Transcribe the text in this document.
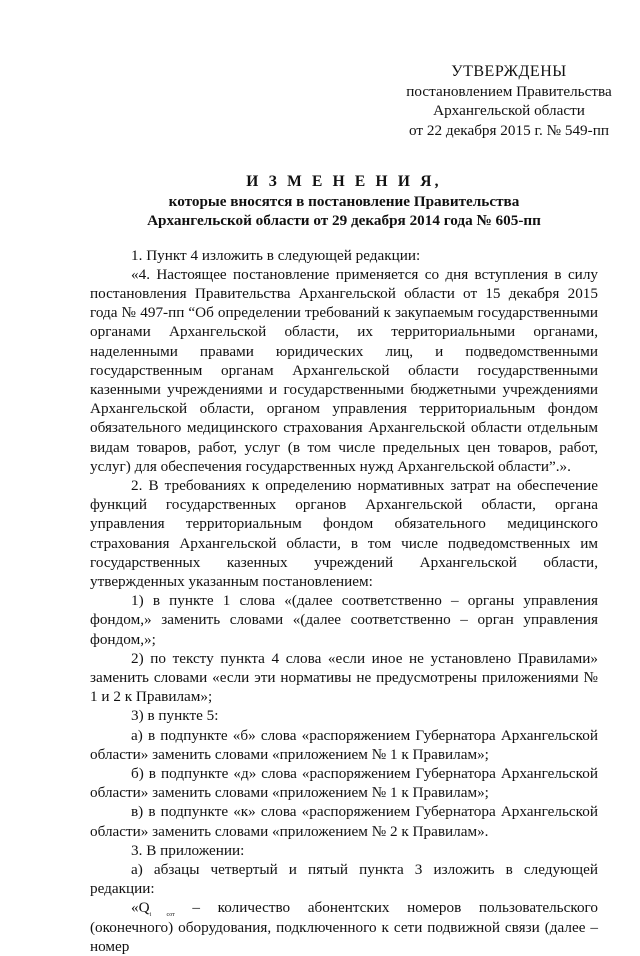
УТВЕРЖДЕНЫ
постановлением Правительства
Архангельской области
от 22 декабря 2015 г. № 549-пп
И З М Е Н Е Н И Я,
которые вносятся в постановление Правительства
Архангельской области от 29 декабря 2014 года № 605-пп

1. Пункт 4 изложить в следующей редакции:

«4. Настоящее постановление применяется со дня вступления в силу постановления Правительства Архангельской области от 15 декабря 2015 года № 497-пп “Об определении требований к закупаемым государственными органами Архангельской области, их территориальными органами, наделенными правами юридических лиц, и подведомственными государственным органам Архангельской области государственными казенными учреждениями и государственными бюджетными учреждениями Архангельской области, органом управления территориальным фондом обязательного медицинского страхования Архангельской области отдельным видам товаров, работ, услуг (в том числе предельных цен товаров, работ, услуг) для обеспечения государственных нужд Архангельской области”.».

2. В требованиях к определению нормативных затрат на обеспечение функций государственных органов Архангельской области, органа управления территориальным фондом обязательного медицинского страхования Архангельской области, в том числе подведомственных им государственных казенных учреждений Архангельской области, утвержденных указанным постановлением:

1) в пункте 1 слова «(далее соответственно – органы управления фондом,» заменить словами «(далее соответственно – орган управления фондом,»;

2) по тексту пункта 4 слова «если иное не установлено Правилами» заменить словами «если эти нормативы не предусмотрены приложениями № 1 и 2 к Правилам»;

3) в пункте 5:

а) в подпункте «б» слова «распоряжением Губернатора Архангельской области» заменить словами «приложением № 1 к Правилам»;

б) в подпункте «д» слова «распоряжением Губернатора Архангельской области» заменить словами «приложением № 1 к Правилам»;

в) в подпункте «к» слова «распоряжением Губернатора Архангельской области» заменить словами «приложением № 2 к Правилам».

3. В приложении:

а) абзацы четвертый и пятый пункта 3 изложить в следующей редакции:

«$Q_{i сот}$ – количество абонентских номеров пользовательского (оконечного) оборудования, подключенного к сети подвижной связи (далее – номер
